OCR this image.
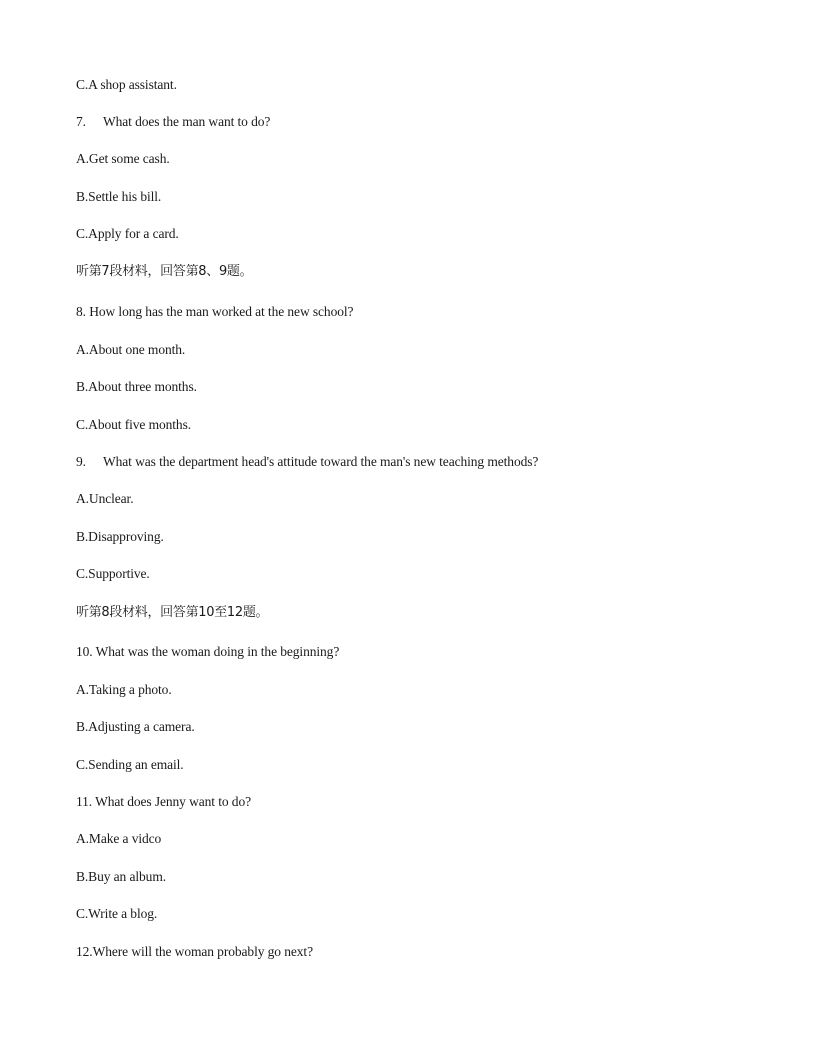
C.A shop assistant.
7. What does the man want to do?
A.Get some cash.
B.Settle his bill.
C.Apply for a card.
听第7段材料，回答第8、9题。
8. How long has the man worked at the new school?
A.About one month.
B.About three months.
C.About five months.
9. What was the department head's attitude toward the man's new teaching methods?
A.Unclear.
B.Disapproving.
C.Supportive.
听第8段材料，回答第10至12题。
10. What was the woman doing in the beginning?
A.Taking a photo.
B.Adjusting a camera.
C.Sending an email.
11. What does Jenny want to do?
A.Make a vidco
B.Buy an album.
C.Write a blog.
12.Where will the woman probably go next?
